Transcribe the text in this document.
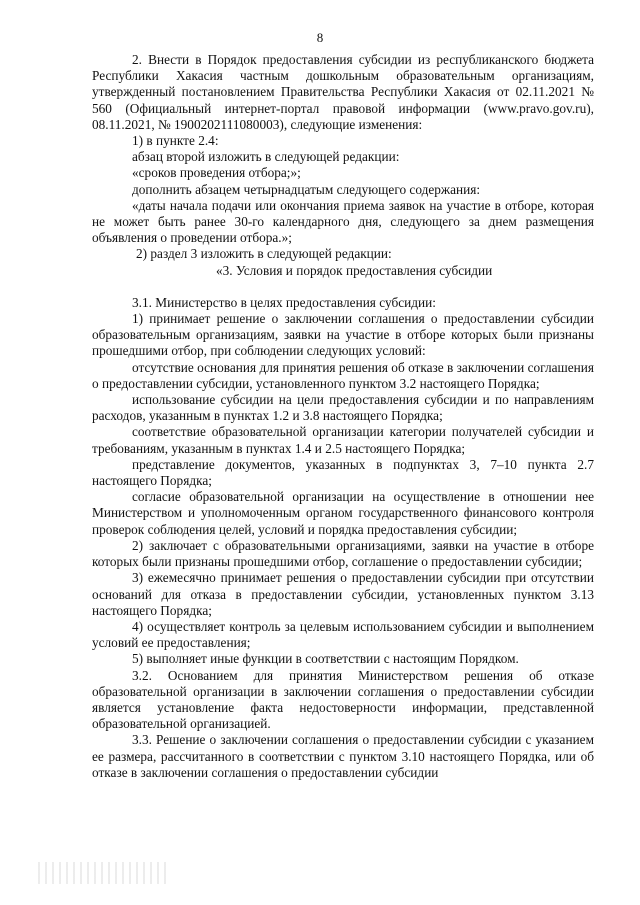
8

2. Внести в Порядок предоставления субсидии из республиканского бюджета Республики Хакасия частным дошкольным образовательным организациям, утвержденный постановлением Правительства Республики Хакасия от 02.11.2021 № 560 (Официальный интернет-портал правовой информации (www.pravo.gov.ru), 08.11.2021, № 1900202111080003), следующие изменения:

1) в пункте 2.4:

абзац второй изложить в следующей редакции:

«сроков проведения отбора;»;

дополнить абзацем четырнадцатым следующего содержания:

«даты начала подачи или окончания приема заявок на участие в отборе, которая не может быть ранее 30-го календарного дня, следующего за днем размещения объявления о проведении отбора.»;

2) раздел 3 изложить в следующей редакции:

«3. Условия и порядок предоставления субсидии

3.1. Министерство в целях предоставления субсидии:

1) принимает решение о заключении соглашения о предоставлении субсидии образовательным организациям, заявки на участие в отборе которых были признаны прошедшими отбор, при соблюдении следующих условий:

отсутствие основания для принятия решения об отказе в заключении соглашения о предоставлении субсидии, установленного пунктом 3.2 настоящего Порядка;

использование субсидии на цели предоставления субсидии и по направлениям расходов, указанным в пунктах 1.2 и 3.8 настоящего Порядка;

соответствие образовательной организации категории получателей субсидии и требованиям, указанным в пунктах 1.4 и 2.5 настоящего Порядка;

представление документов, указанных в подпунктах 3, 7–10 пункта 2.7 настоящего Порядка;

согласие образовательной организации на осуществление в отношении нее Министерством и уполномоченным органом государственного финансового контроля проверок соблюдения целей, условий и порядка предоставления субсидии;

2) заключает с образовательными организациями, заявки на участие в отборе которых были признаны прошедшими отбор, соглашение о предоставлении субсидии;

3) ежемесячно принимает решения о предоставлении субсидии при отсутствии оснований для отказа в предоставлении субсидии, установленных пунктом 3.13 настоящего Порядка;

4) осуществляет контроль за целевым использованием субсидии и выполнением условий ее предоставления;

5) выполняет иные функции в соответствии с настоящим Порядком.

3.2. Основанием для принятия Министерством решения об отказе образовательной организации в заключении соглашения о предоставлении субсидии является установление факта недостоверности информации, представленной образовательной организацией.

3.3. Решение о заключении соглашения о предоставлении субсидии с указанием ее размера, рассчитанного в соответствии с пунктом 3.10 настоящего Порядка, или об отказе в заключении соглашения о предоставлении субсидии
